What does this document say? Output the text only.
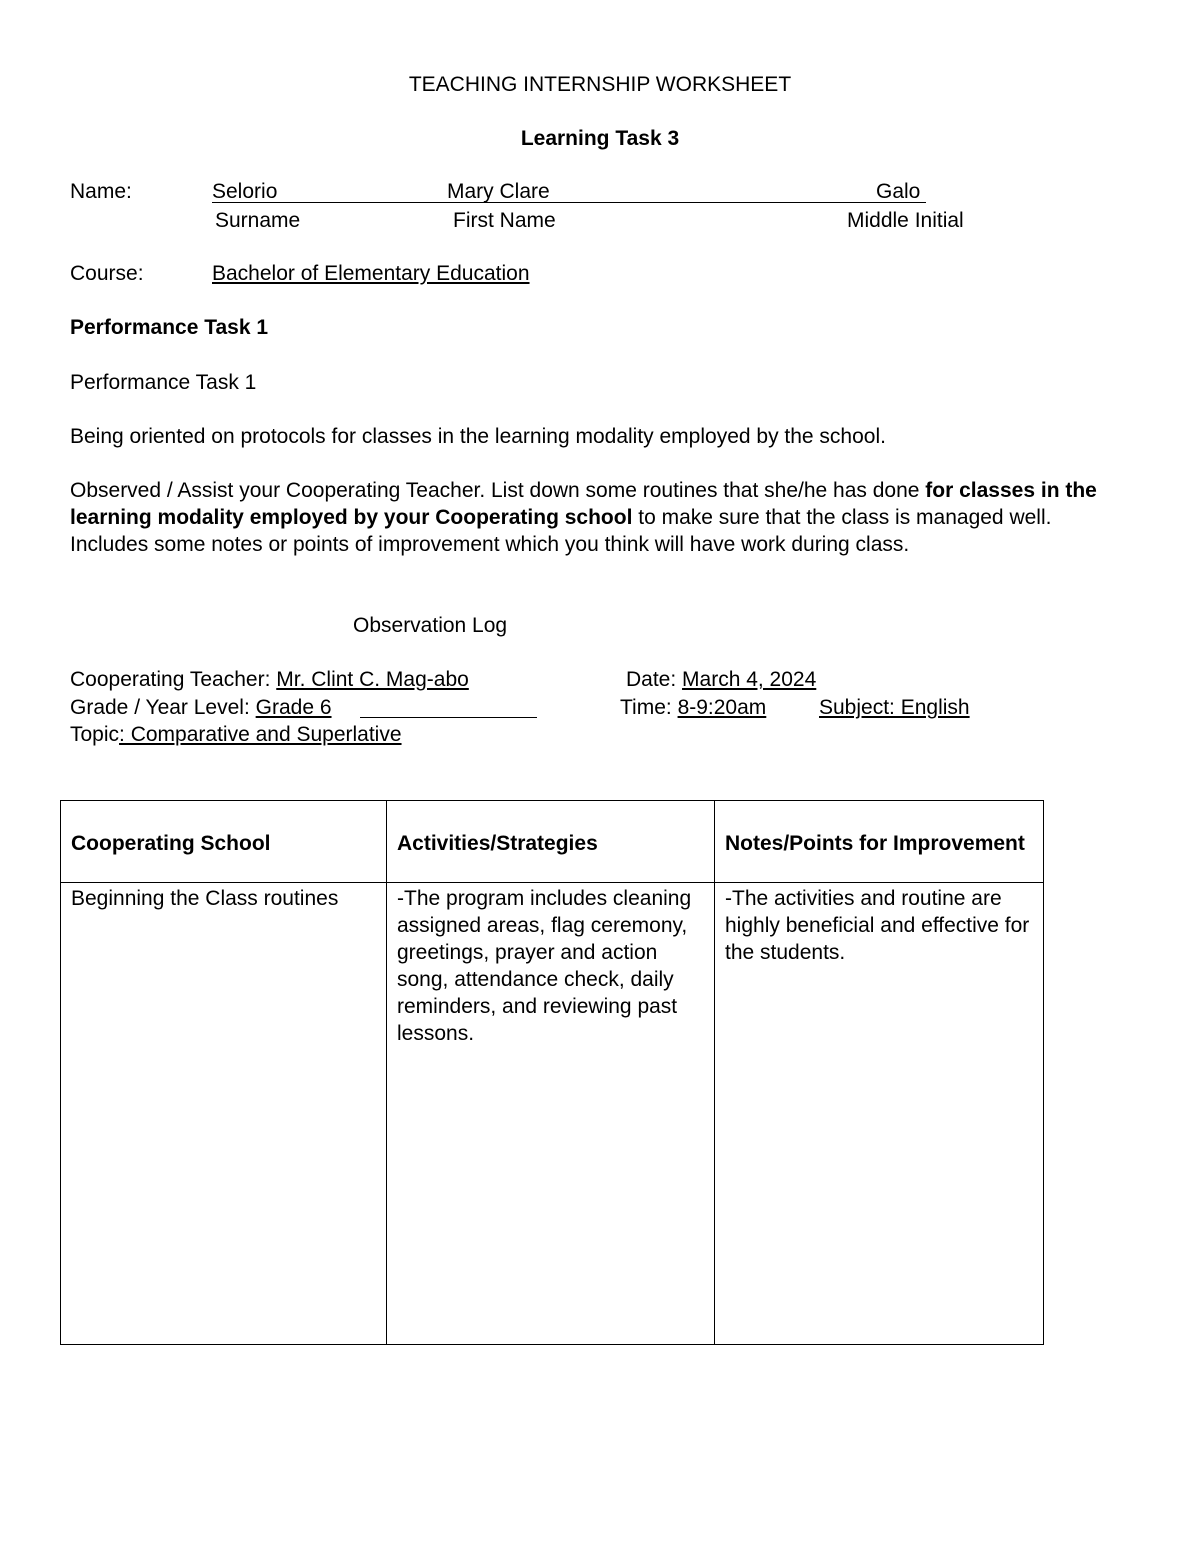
TEACHING INTERNSHIP WORKSHEET
Learning Task 3
Name:	Selorio	Mary Clare	Galo
Surname	First Name	Middle Initial
Course:	Bachelor of Elementary Education
Performance Task 1
Performance Task 1
Being oriented on protocols for classes in the learning modality employed by the school.
Observed / Assist your Cooperating Teacher. List down some routines that she/he has done for classes in the learning modality employed by your Cooperating school to make sure that the class is managed well. Includes some notes or points of improvement which you think will have work during class.
Observation Log
Cooperating Teacher: Mr. Clint C. Mag-abo	Date: March 4, 2024
Grade / Year Level: Grade 6	Time: 8-9:20am	Subject: English
Topic: Comparative and Superlative
Cooperating School	Activities/Strategies	Notes/Points for Improvement
Beginning the Class routines	-The program includes cleaning assigned areas, flag ceremony, greetings, prayer and action song, attendance check, daily reminders, and reviewing past lessons.	-The activities and routine are highly beneficial and effective for the students.
